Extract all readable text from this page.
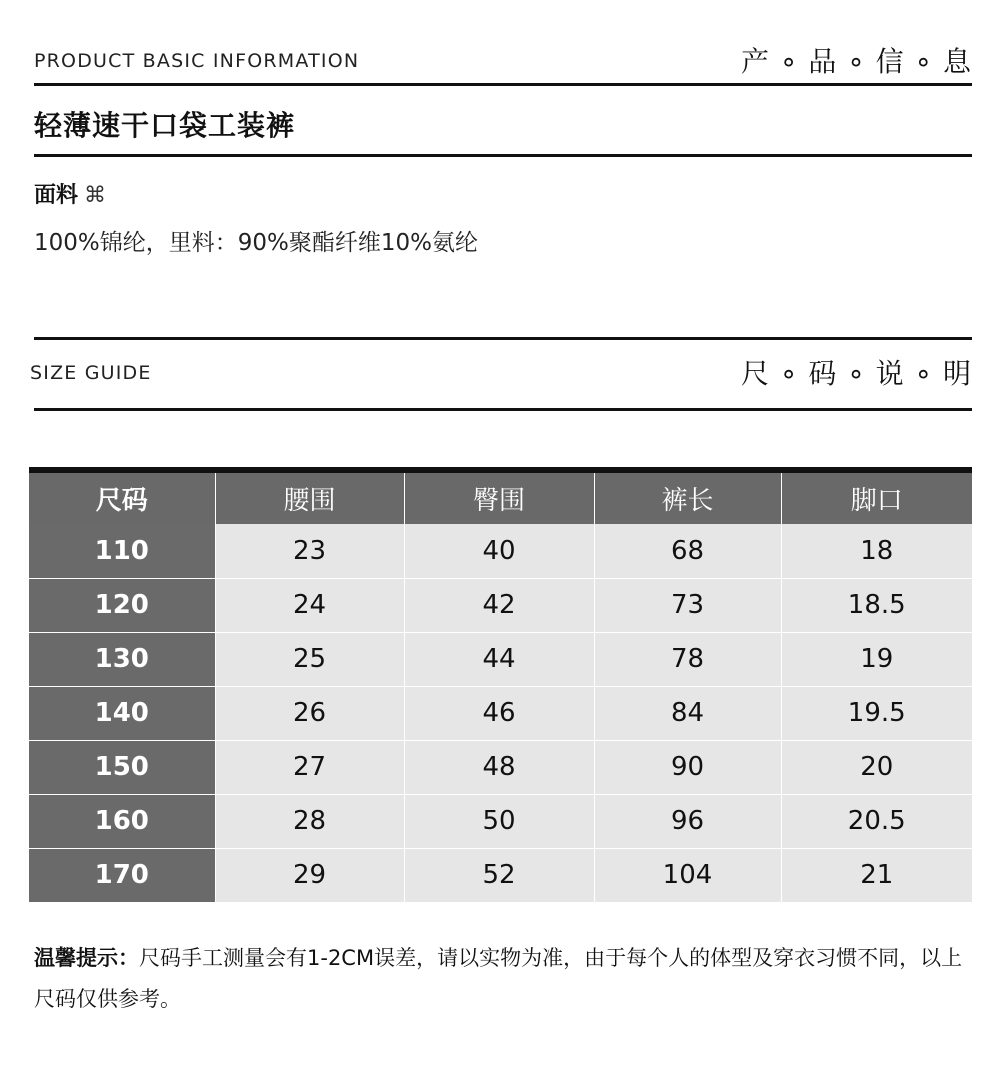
PRODUCT BASIC INFORMATION	产 ∘ 品 ∘ 信 ∘ 息
轻薄速干口袋工装裤
面料 ⌘
100%锦纶，里料：90%聚酯纤维10%氨纶
SIZE GUIDE	尺 ∘ 码 ∘ 说 ∘ 明
尺码	腰围	臀围	裤长	脚口
110	23	40	68	18
120	24	42	73	18.5
130	25	44	78	19
140	26	46	84	19.5
150	27	48	90	20
160	28	50	96	20.5
170	29	52	104	21
温馨提示：尺码手工测量会有1-2CM误差，请以实物为准，由于每个人的体型及穿衣习惯不同，以上尺码仅供参考。
